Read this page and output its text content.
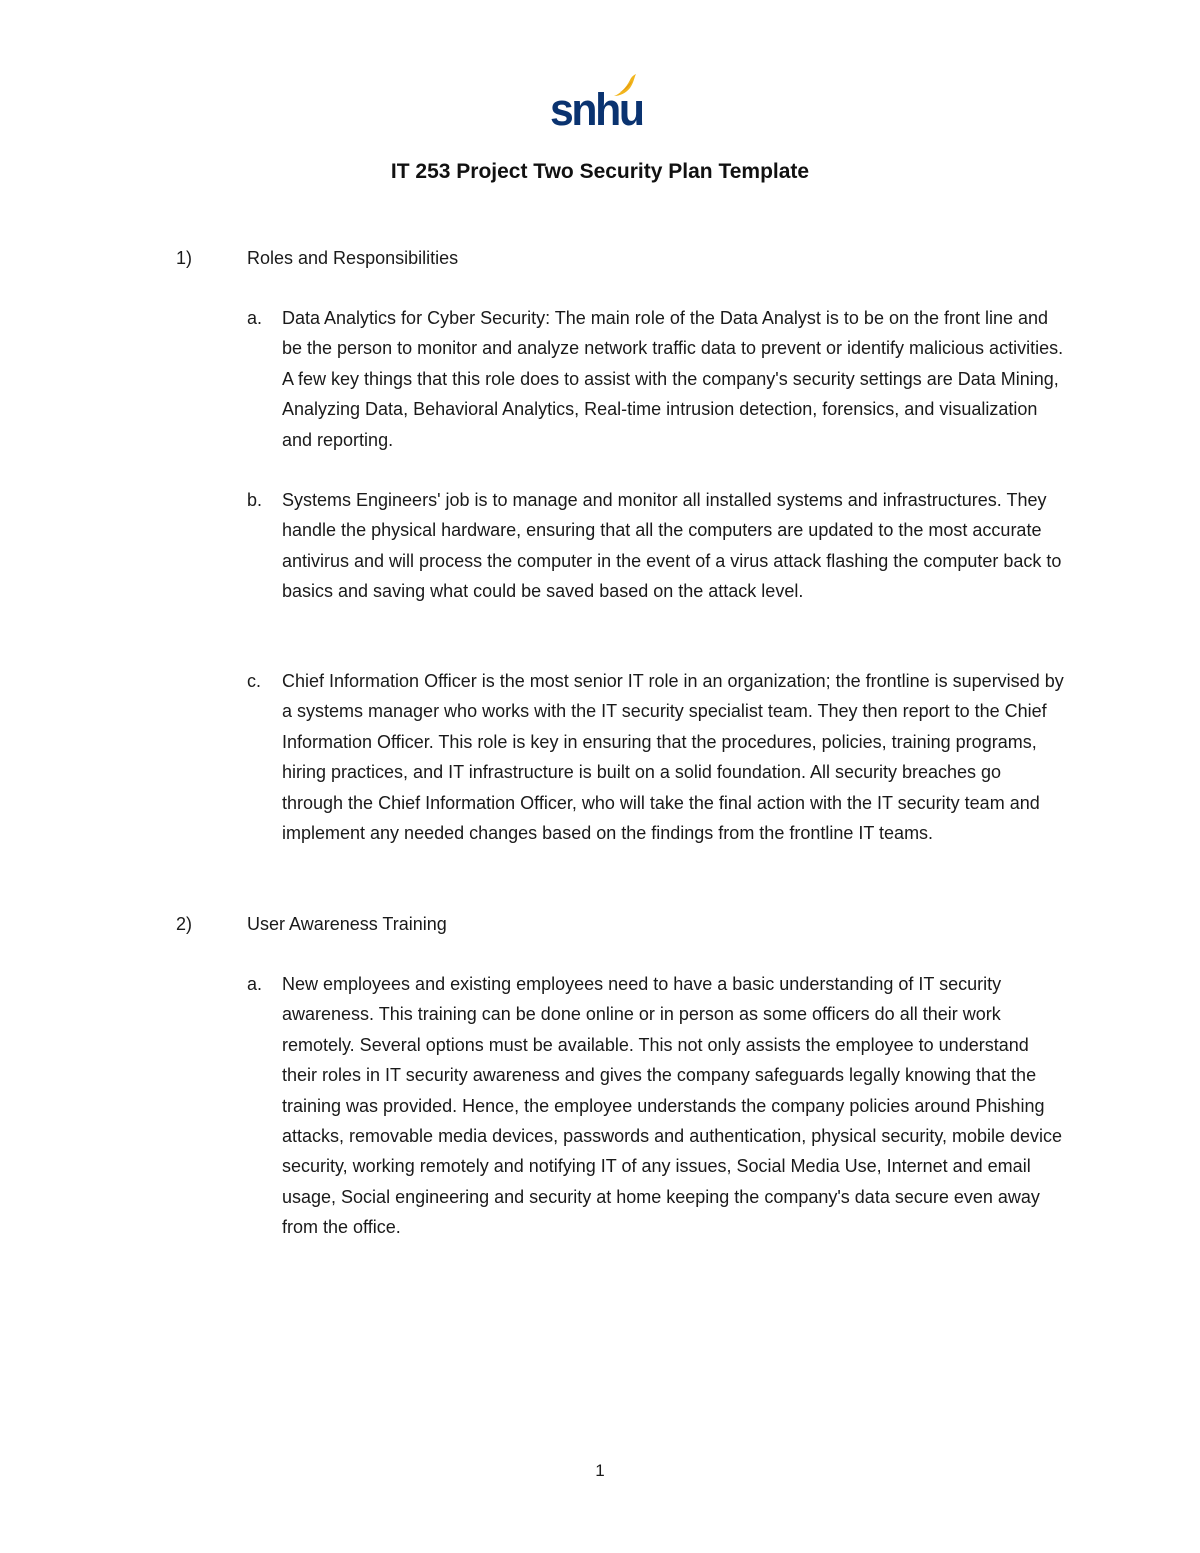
snhu
IT 253 Project Two Security Plan Template
1)	Roles and Responsibilities
a. Data Analytics for Cyber Security: The main role of the Data Analyst is to be on the front line and be the person to monitor and analyze network traffic data to prevent or identify malicious activities. A few key things that this role does to assist with the company's security settings are Data Mining, Analyzing Data, Behavioral Analytics, Real-time intrusion detection, forensics, and visualization and reporting.

b. Systems Engineers' job is to manage and monitor all installed systems and infrastructures. They handle the physical hardware, ensuring that all the computers are updated to the most accurate antivirus and will process the computer in the event of a virus attack flashing the computer back to basics and saving what could be saved based on the attack level.

c. Chief Information Officer is the most senior IT role in an organization; the frontline is supervised by a systems manager who works with the IT security specialist team. They then report to the Chief Information Officer. This role is key in ensuring that the procedures, policies, training programs, hiring practices, and IT infrastructure is built on a solid foundation. All security breaches go through the Chief Information Officer, who will take the final action with the IT security team and implement any needed changes based on the findings from the frontline IT teams.

2)	User Awareness Training
a. New employees and existing employees need to have a basic understanding of IT security awareness. This training can be done online or in person as some officers do all their work remotely. Several options must be available. This not only assists the employee to understand their roles in IT security awareness and gives the company safeguards legally knowing that the training was provided. Hence, the employee understands the company policies around Phishing attacks, removable media devices, passwords and authentication, physical security, mobile device security, working remotely and notifying IT of any issues, Social Media Use, Internet and email usage, Social engineering and security at home keeping the company's data secure even away from the office.

1
